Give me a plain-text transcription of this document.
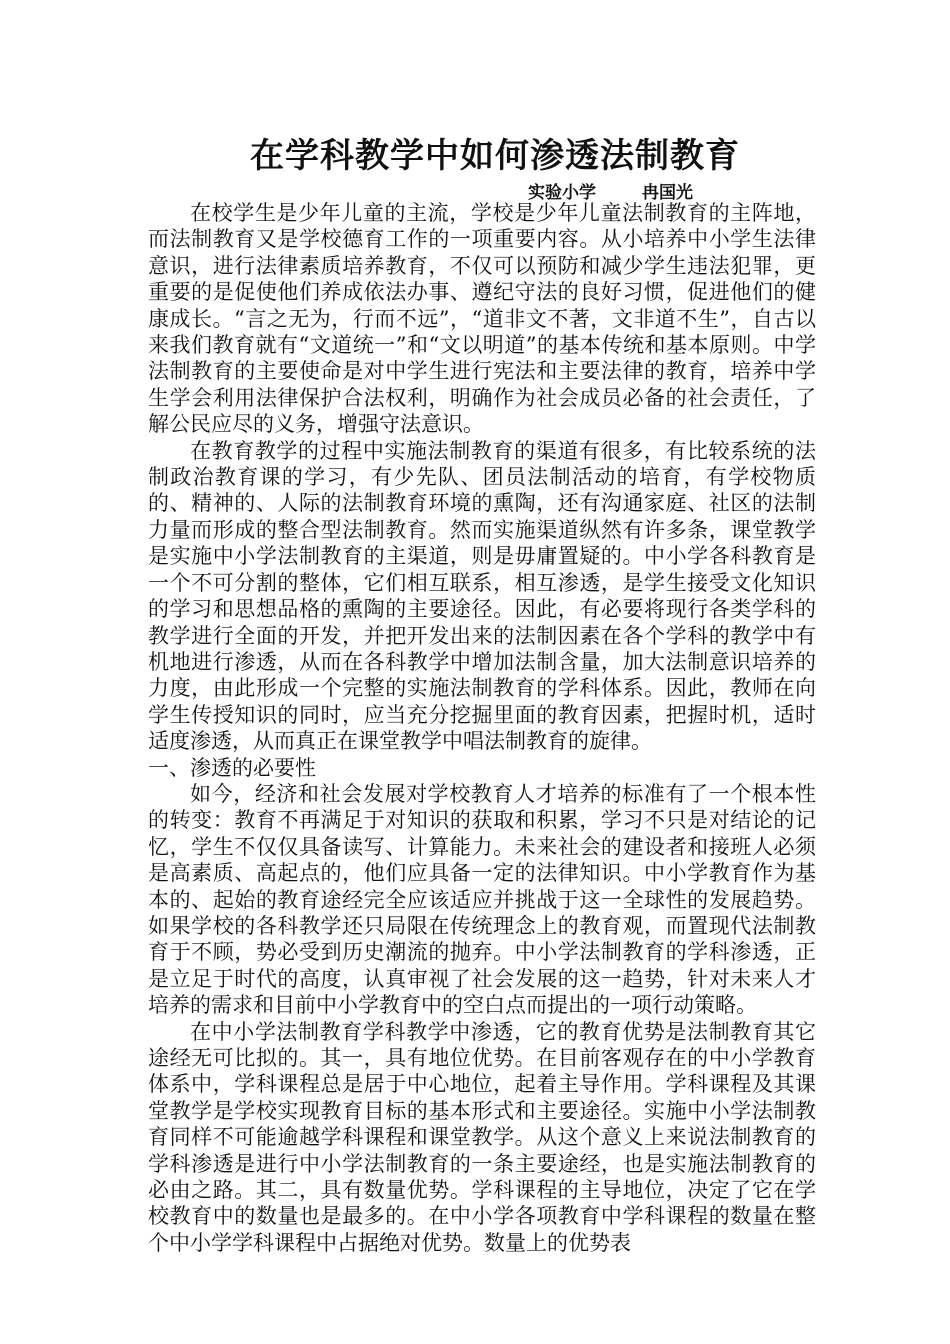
在学科教学中如何渗透法制教育
实验小学	冉国光

在校学生是少年儿童的主流，学校是少年儿童法制教育的主阵地，而法制教育又是学校德育工作的一项重要内容。从小培养中小学生法律意识，进行法律素质培养教育，不仅可以预防和减少学生违法犯罪，更重要的是促使他们养成依法办事、遵纪守法的良好习惯，促进他们的健康成长。“言之无为，行而不远”，“道非文不著，文非道不生”，自古以来我们教育就有“文道统一”和“文以明道”的基本传统和基本原则。中学法制教育的主要使命是对中学生进行宪法和主要法律的教育，培养中学生学会利用法律保护合法权利，明确作为社会成员必备的社会责任，了解公民应尽的义务，增强守法意识。

在教育教学的过程中实施法制教育的渠道有很多，有比较系统的法制政治教育课的学习，有少先队、团员法制活动的培育，有学校物质的、精神的、人际的法制教育环境的熏陶，还有沟通家庭、社区的法制力量而形成的整合型法制教育。然而实施渠道纵然有许多条，课堂教学是实施中小学法制教育的主渠道，则是毋庸置疑的。中小学各科教育是一个不可分割的整体，它们相互联系，相互渗透，是学生接受文化知识的学习和思想品格的熏陶的主要途径。因此，有必要将现行各类学科的教学进行全面的开发，并把开发出来的法制因素在各个学科的教学中有机地进行渗透，从而在各科教学中增加法制含量，加大法制意识培养的力度，由此形成一个完整的实施法制教育的学科体系。因此，教师在向学生传授知识的同时，应当充分挖掘里面的教育因素，把握时机，适时适度渗透，从而真正在课堂教学中唱法制教育的旋律。

一、渗透的必要性

如今，经济和社会发展对学校教育人才培养的标准有了一个根本性的转变：教育不再满足于对知识的获取和积累，学习不只是对结论的记忆，学生不仅仅具备读写、计算能力。未来社会的建设者和接班人必须是高素质、高起点的，他们应具备一定的法律知识。中小学教育作为基本的、起始的教育途经完全应该适应并挑战于这一全球性的发展趋势。如果学校的各科教学还只局限在传统理念上的教育观，而置现代法制教育于不顾，势必受到历史潮流的抛弃。中小学法制教育的学科渗透，正是立足于时代的高度，认真审视了社会发展的这一趋势，针对未来人才培养的需求和目前中小学教育中的空白点而提出的一项行动策略。

在中小学法制教育学科教学中渗透，它的教育优势是法制教育其它途经无可比拟的。其一，具有地位优势。在目前客观存在的中小学教育体系中，学科课程总是居于中心地位，起着主导作用。学科课程及其课堂教学是学校实现教育目标的基本形式和主要途径。实施中小学法制教育同样不可能逾越学科课程和课堂教学。从这个意义上来说法制教育的学科渗透是进行中小学法制教育的一条主要途经，也是实施法制教育的必由之路。其二，具有数量优势。学科课程的主导地位，决定了它在学校教育中的数量也是最多的。在中小学各项教育中学科课程的数量在整个中小学学科课程中占据绝对优势。数量上的优势表
